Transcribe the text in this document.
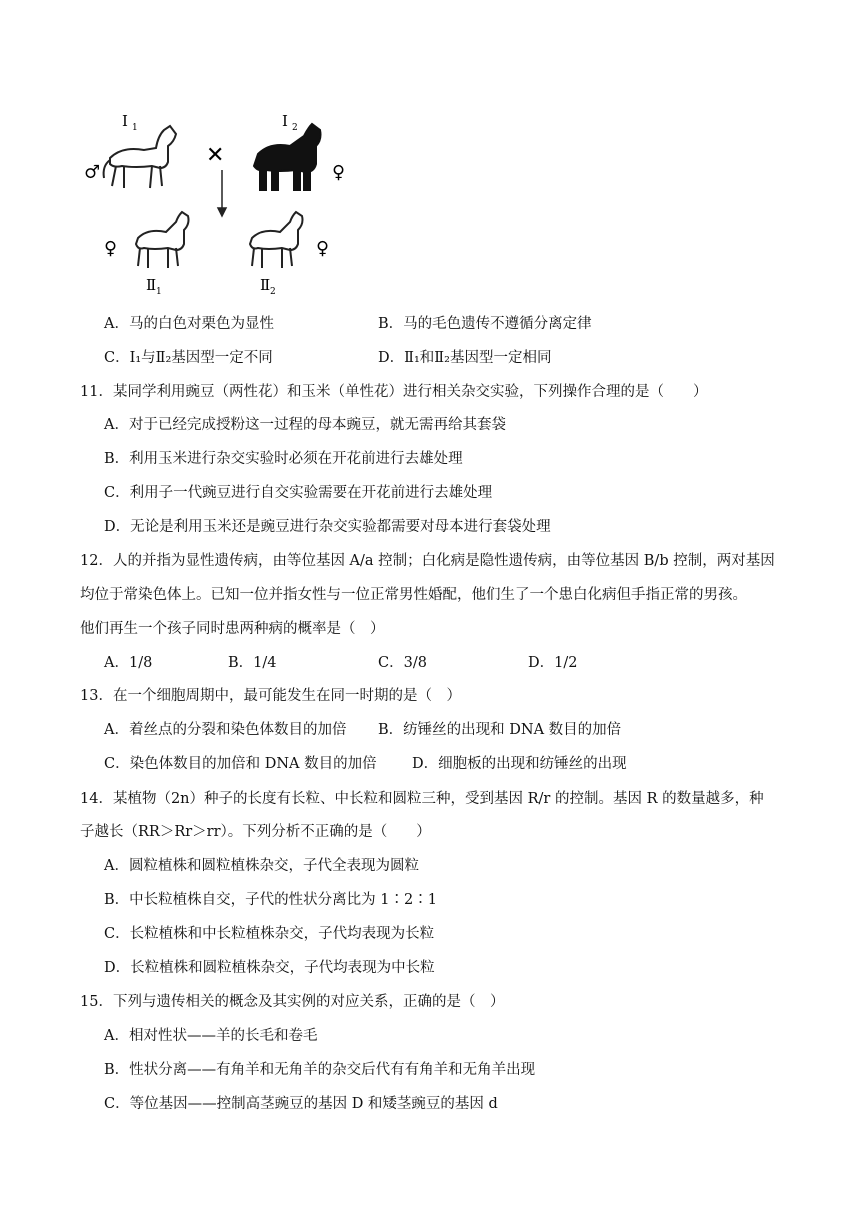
Ⅰ 1	Ⅰ 2
♂
✕
♀
♀
Ⅱ 1
♀
Ⅱ 2
A．马的白色对栗色为显性	B．马的毛色遗传不遵循分离定律
C．Ⅰ₁与Ⅱ₂基因型一定不同	D．Ⅱ₁和Ⅱ₂基因型一定相同
11．某同学利用豌豆（两性花）和玉米（单性花）进行相关杂交实验，下列操作合理的是（　　）
A．对于已经完成授粉这一过程的母本豌豆，就无需再给其套袋
B．利用玉米进行杂交实验时必须在开花前进行去雄处理
C．利用子一代豌豆进行自交实验需要在开花前进行去雄处理
D．无论是利用玉米还是豌豆进行杂交实验都需要对母本进行套袋处理
12．人的并指为显性遗传病，由等位基因 A/a 控制；白化病是隐性遗传病，由等位基因 B/b 控制，两对基因
均位于常染色体上。已知一位并指女性与一位正常男性婚配，他们生了一个患白化病但手指正常的男孩。
他们再生一个孩子同时患两种病的概率是（　）
A．1/8	B．1/4	C．3/8	D．1/2
13．在一个细胞周期中，最可能发生在同一时期的是（　）
A．着丝点的分裂和染色体数目的加倍 B．纺锤丝的出现和 DNA 数目的加倍
C．染色体数目的加倍和 DNA 数目的加倍 D．细胞板的出现和纺锤丝的出现
14．某植物（2n）种子的长度有长粒、中长粒和圆粒三种，受到基因 R/r 的控制。基因 R 的数量越多，种
子越长（RR＞Rr＞rr）。下列分析不正确的是（　　）
A．圆粒植株和圆粒植株杂交，子代全表现为圆粒
B．中长粒植株自交，子代的性状分离比为 1∶2∶1
C．长粒植株和中长粒植株杂交，子代均表现为长粒
D．长粒植株和圆粒植株杂交，子代均表现为中长粒
15．下列与遗传相关的概念及其实例的对应关系，正确的是（　）
A．相对性状——羊的长毛和卷毛
B．性状分离——有角羊和无角羊的杂交后代有有角羊和无角羊出现
C．等位基因——控制高茎豌豆的基因 D 和矮茎豌豆的基因 d
